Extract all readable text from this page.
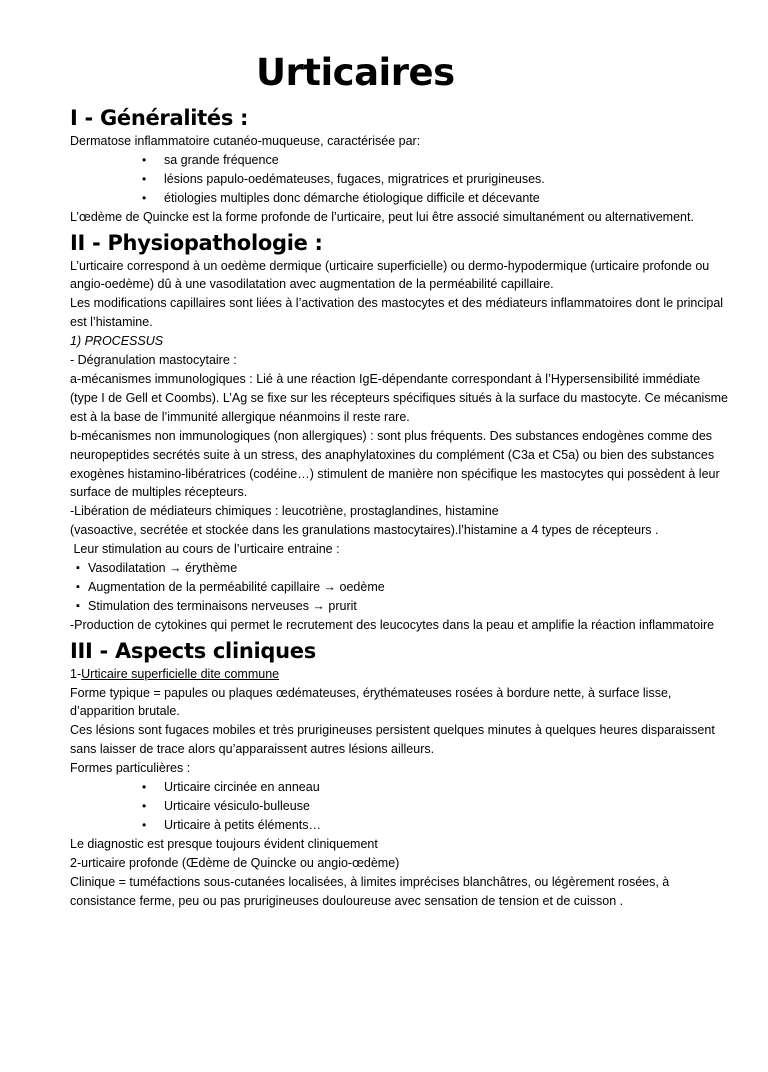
Urticaires
I - Généralités :

Dermatose inflammatoire cutanéo-muqueuse, caractérisée par:

• sa grande fréquence
• lésions papulo-oedémateuses, fugaces, migratrices et prurigineuses.
• étiologies multiples donc démarche étiologique difficile et décevante

L’œdème de Quincke est la forme profonde de l’urticaire, peut lui être associé simultanément ou alternativement.

II - Physiopathologie :

L’urticaire correspond à un oedème dermique (urticaire superficielle) ou dermo-hypodermique (urticaire profonde ou angio-oedème) dû à une vasodilatation avec augmentation de la perméabilité capillaire.

Les modifications capillaires sont liées à l’activation des mastocytes et des médiateurs inflammatoires dont le principal est l’histamine.

1) PROCESSUS

- Dégranulation mastocytaire :

a-mécanismes immunologiques : Lié à une réaction IgE-dépendante correspondant à l’Hypersensibilité immédiate (type I de Gell et Coombs). L’Ag se fixe sur les récepteurs spécifiques situés à la surface du mastocyte. Ce mécanisme est à la base de l’immunité allergique néanmoins il reste rare.

b-mécanismes non immunologiques (non allergiques) : sont plus fréquents. Des substances endogènes comme des neuropeptides secrétés suite à un stress, des anaphylatoxines du complément (C3a et C5a) ou bien des substances exogènes histamino-libératrices (codéine…) stimulent de manière non spécifique les mastocytes qui possèdent à leur surface de multiples récepteurs.

-Libération de médiateurs chimiques : leucotriène, prostaglandines, histamine

(vasoactive, secrétée et stockée dans les granulations mastocytaires).l’histamine a 4 types de récepteurs .

Leur stimulation au cours de l’urticaire entraine :

▪ Vasodilatation → érythème
▪ Augmentation de la perméabilité capillaire → oedème
▪ Stimulation des terminaisons nerveuses → prurit

-Production de cytokines qui permet le recrutement des leucocytes dans la peau et amplifie la réaction inflammatoire

III - Aspects cliniques

1-Urticaire superficielle dite commune

Forme typique = papules ou plaques œdémateuses, érythémateuses rosées à bordure nette, à surface lisse, d’apparition brutale.

Ces lésions sont fugaces mobiles et très prurigineuses persistent quelques minutes à quelques heures disparaissent sans laisser de trace alors qu’apparaissent autres lésions ailleurs.

Formes particulières :

• Urticaire circinée en anneau
• Urticaire vésiculo-bulleuse
• Urticaire à petits éléments…

Le diagnostic est presque toujours évident cliniquement

2-urticaire profonde (Œdème de Quincke ou angio-œdème)

Clinique = tuméfactions sous-cutanées localisées, à limites imprécises blanchâtres, ou légèrement rosées, à consistance ferme, peu ou pas prurigineuses douloureuse avec sensation de tension et de cuisson .
